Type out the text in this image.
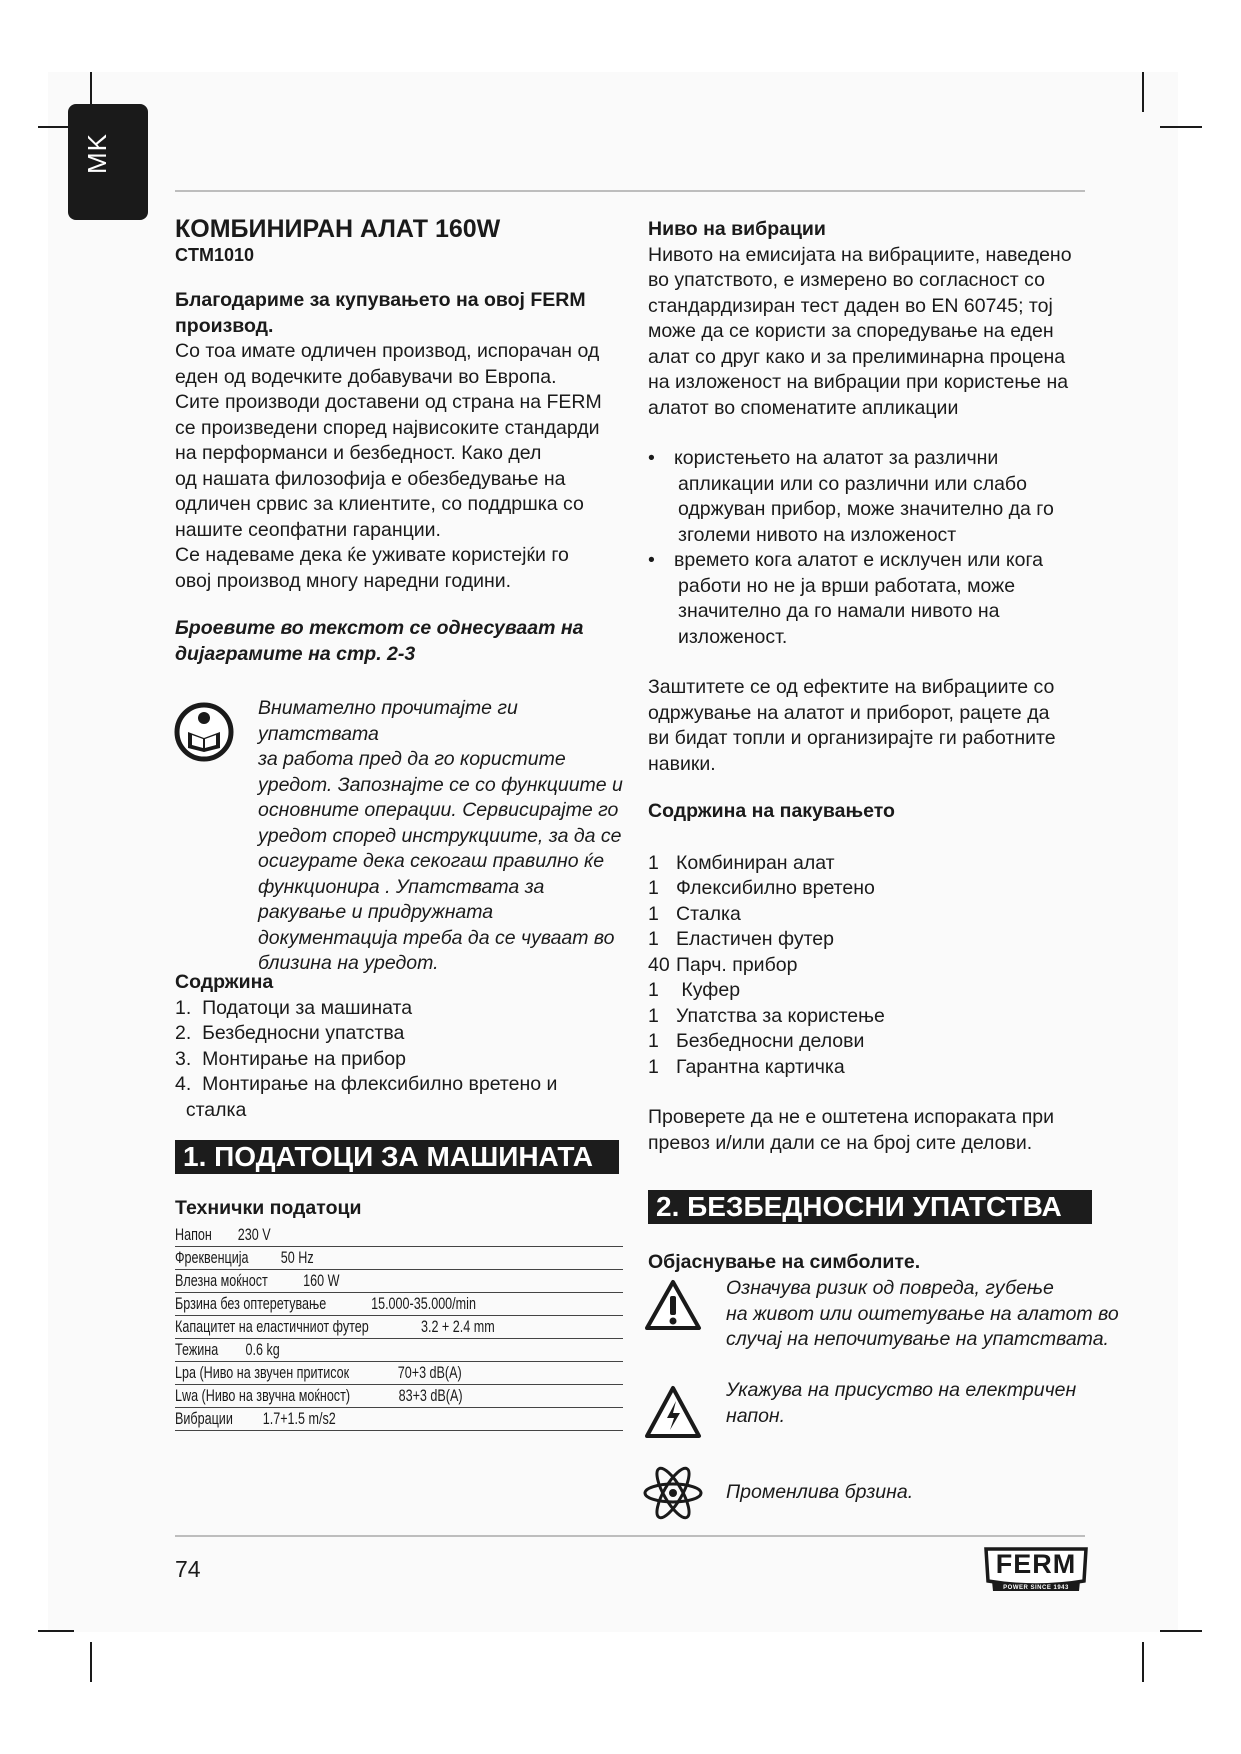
MK
КОМБИНИРАН АЛАТ 160W
CTM1010

Благодариме за купувањето на овој FERM

производ.

Со тоа имате одличен производ, испорачан од

еден од водечките добавувачи во Европа.

Сите производи доставени од страна на FERM

се произведени според највисоките стандарди

на перформанси и безбедност. Како дел

од нашата филозофија е обезбедување на

одличен срвис за клиентите, со поддршка со

нашите сеопфатни гаранции.

Се надеваме дека ќе уживате користејќи го

овој производ многу наредни години.

Броевите во текстот се однесуваат на

дијаграмите на стр. 2-3

Внимателно прочитајте ги упатствата

за работа пред да го користите

уредот. Запознајте се со функциите и

основните операции. Сервисирајте го

уредот според инструкциите, за да се

осигурате дека секогаш правилно ќе

функционира . Упатствата за

ракување и придружната

документација треба да се чуваат во

близина на уредот.

Содржина

1.  Податоци за машината

2.  Безбедносни упатства

3.  Монтирање на прибор

4.  Монтирање на флексибилно вретено и

сталка

1. ПОДАТОЦИ ЗА МАШИНАТА

Технички податоци

Напон 230 V
Фреквенција 50 Hz
Влезна моќност 160 W
Брзина без оптеретување	15.000-35.000/min
Капацитет на еластичниот футер	3.2 + 2.4 mm
Тежина 0.6 kg
Lpa (Ниво на звучен притисок	70+3 dB(A)
Lwa (Ниво на звучна моќност)	83+3 dB(A)
Вибрации 1.7+1.5 m/s2

Ниво на вибрации

Нивото на емисијата на вибрациите, наведено

во упатството, е измерено во согласност со

стандардизиран тест даден во EN 60745; тој

може да се користи за споредување на еден

алат со друг како и за прелиминарна процена

на изложеност на вибрации при користење на

алатот во споменатите апликации

• користењето на алатот за различни

апликации или со различни или слабо

одржуван прибор, може значително да го

зголеми нивото на изложеност

• времето кога алатот е исклучен или кога

работи но не ја врши работата, може

значително да го намали нивото на

изложеност.

Заштитете се од ефектите на вибрациите со

одржување на алатот и приборот, рацете да

ви бидат топли и организирајте ги работните

навики.

Содржина на пакувањето

1 Комбиниран алат

1 Флексибилно вретено

1 Сталка

1 Еластичен футер

40 Парч. прибор

1 Куфер

1 Упатства за користење

1 Безбедносни делови

1 Гарантна картичка

Проверете да не е оштетена испораката при

превоз и/или дали се на број сите делови.

2. БЕЗБЕДНОСНИ УПАТСТВА

Објаснување на симболите.

Означува ризик од повреда, губење

на живот или оштетување на алатот во

случај на непочитување на упатствата.

Укажува на присуство на електричен

напон.

Променлива брзина.

74	FERM
POWER SINCE 1943
